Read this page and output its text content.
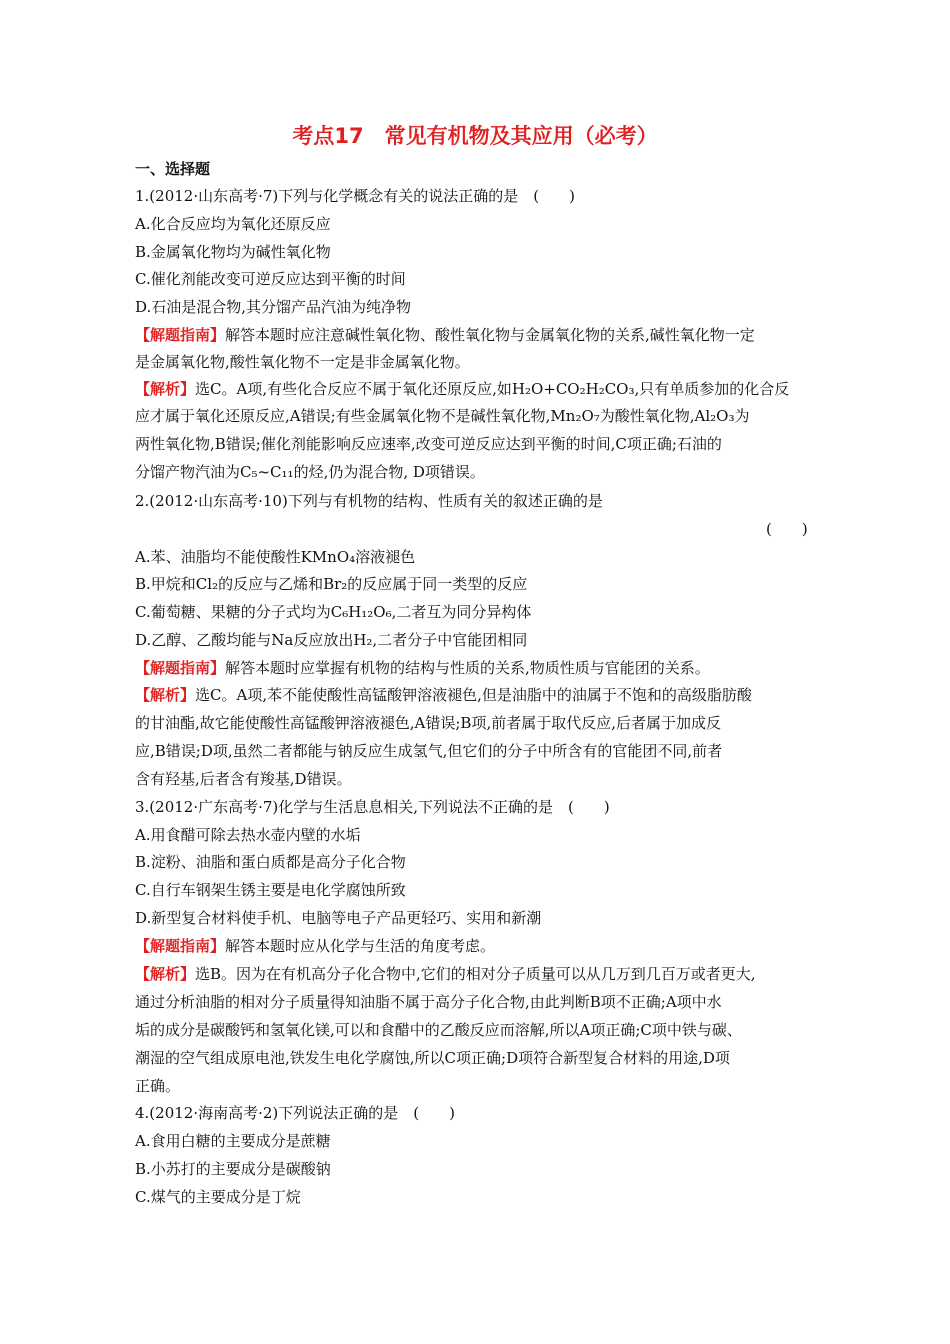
考点17　常见有机物及其应用（必考）
一、选择题
1.(2012·山东高考·7)下列与化学概念有关的说法正确的是　(　　)
A.化合反应均为氧化还原反应
B.金属氧化物均为碱性氧化物
C.催化剂能改变可逆反应达到平衡的时间
D.石油是混合物,其分馏产品汽油为纯净物
【解题指南】解答本题时应注意碱性氧化物、酸性氧化物与金属氧化物的关系,碱性氧化物一定
是金属氧化物,酸性氧化物不一定是非金属氧化物。
【解析】选C。A项,有些化合反应不属于氧化还原反应,如H₂O+CO₂H₂CO₃,只有单质参加的化合反
应才属于氧化还原反应,A错误;有些金属氧化物不是碱性氧化物,Mn₂O₇为酸性氧化物,Al₂O₃为
两性氧化物,B错误;催化剂能影响反应速率,改变可逆反应达到平衡的时间,C项正确;石油的
分馏产物汽油为C₅~C₁₁的烃,仍为混合物, D项错误。
2.(2012·山东高考·10)下列与有机物的结构、性质有关的叙述正确的是
(　　)
A.苯、油脂均不能使酸性KMnO₄溶液褪色
B.甲烷和Cl₂的反应与乙烯和Br₂的反应属于同一类型的反应
C.葡萄糖、果糖的分子式均为C₆H₁₂O₆,二者互为同分异构体
D.乙醇、乙酸均能与Na反应放出H₂,二者分子中官能团相同
【解题指南】解答本题时应掌握有机物的结构与性质的关系,物质性质与官能团的关系。
【解析】选C。A项,苯不能使酸性高锰酸钾溶液褪色,但是油脂中的油属于不饱和的高级脂肪酸
的甘油酯,故它能使酸性高锰酸钾溶液褪色,A错误;B项,前者属于取代反应,后者属于加成反
应,B错误;D项,虽然二者都能与钠反应生成氢气,但它们的分子中所含有的官能团不同,前者
含有羟基,后者含有羧基,D错误。
3.(2012·广东高考·7)化学与生活息息相关,下列说法不正确的是　(　　)
A.用食醋可除去热水壶内壁的水垢
B.淀粉、油脂和蛋白质都是高分子化合物
C.自行车钢架生锈主要是电化学腐蚀所致
D.新型复合材料使手机、电脑等电子产品更轻巧、实用和新潮
【解题指南】解答本题时应从化学与生活的角度考虑。
【解析】选B。因为在有机高分子化合物中,它们的相对分子质量可以从几万到几百万或者更大,
通过分析油脂的相对分子质量得知油脂不属于高分子化合物,由此判断B项不正确;A项中水
垢的成分是碳酸钙和氢氧化镁,可以和食醋中的乙酸反应而溶解,所以A项正确;C项中铁与碳、
潮湿的空气组成原电池,铁发生电化学腐蚀,所以C项正确;D项符合新型复合材料的用途,D项
正确。
4.(2012·海南高考·2)下列说法正确的是　(　　)
A.食用白糖的主要成分是蔗糖
B.小苏打的主要成分是碳酸钠
C.煤气的主要成分是丁烷
